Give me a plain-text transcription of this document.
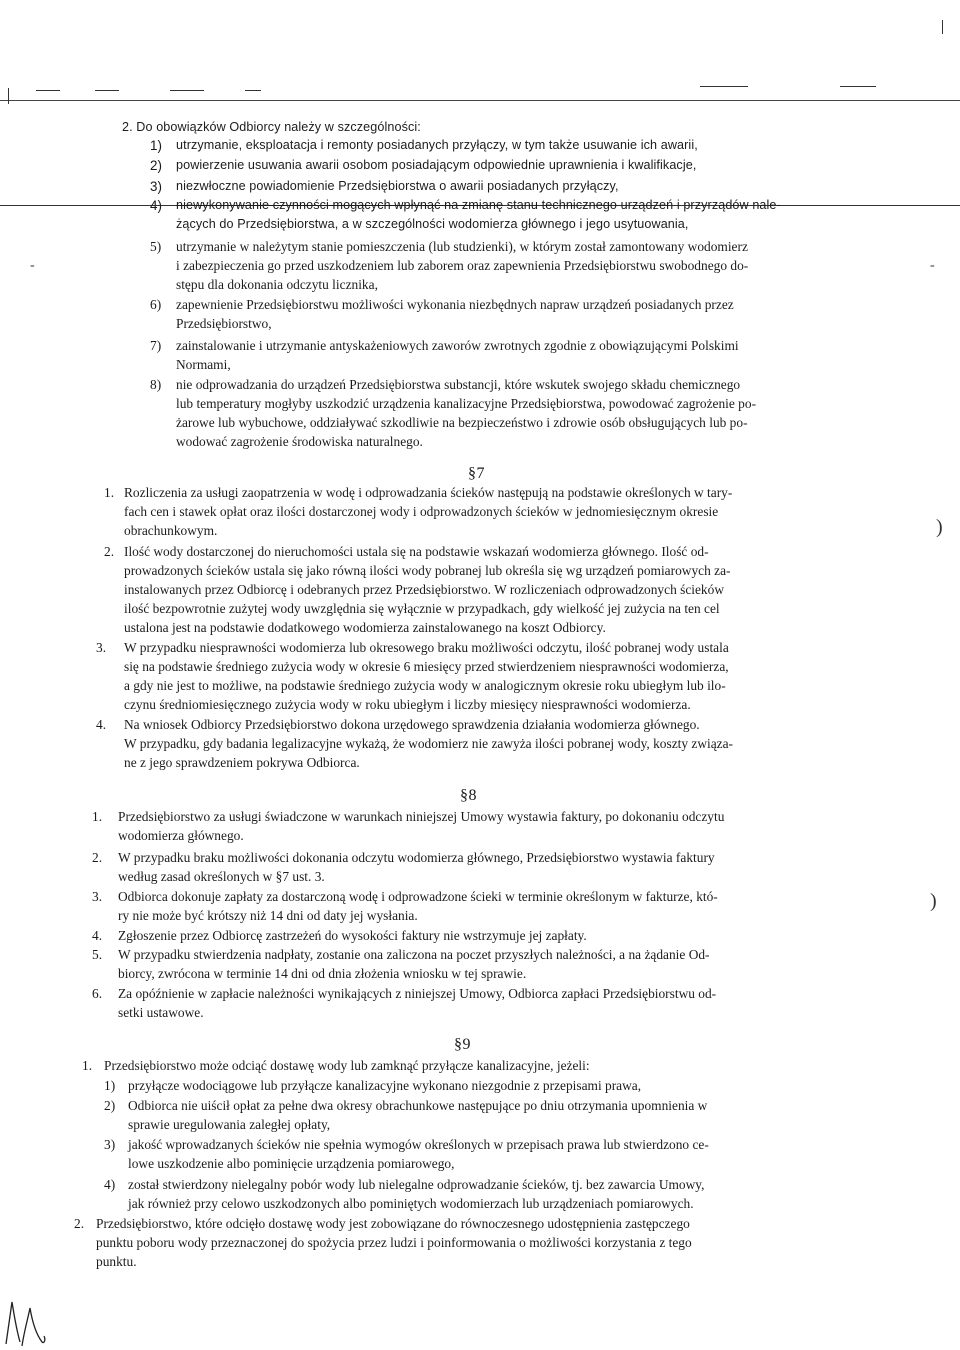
2. Do obowiązków Odbiorcy należy w szczególności:
1) utrzymanie, eksploatacja i remonty posiadanych przyłączy, w tym także usuwanie ich awarii,
2) powierzenie usuwania awarii osobom posiadającym odpowiednie uprawnienia i kwalifikacje,
3) niezwłoczne powiadomienie Przedsiębiorstwa o awarii posiadanych przyłączy,
4) niewykonywanie czynności mogących wpłynąć na zmianę stanu technicznego urządzeń i przyrządów nale-
żących do Przedsiębiorstwa, a w szczególności wodomierza głównego i jego usytuowania,
5) utrzymanie w należytym stanie pomieszczenia (lub studzienki), w którym został zamontowany wodomierz
i zabezpieczenia go przed uszkodzeniem lub zaborem oraz zapewnienia Przedsiębiorstwu swobodnego do-
stępu dla dokonania odczytu licznika,
6) zapewnienie Przedsiębiorstwu możliwości wykonania niezbędnych napraw urządzeń posiadanych przez
Przedsiębiorstwo,
7) zainstalowanie i utrzymanie antyskażeniowych zaworów zwrotnych zgodnie z obowiązującymi Polskimi
Normami,
8) nie odprowadzania do urządzeń Przedsiębiorstwa substancji, które wskutek swojego składu chemicznego
lub temperatury mogłyby uszkodzić urządzenia kanalizacyjne Przedsiębiorstwa, powodować zagrożenie po-
żarowe lub wybuchowe, oddziaływać szkodliwie na bezpieczeństwo i zdrowie osób obsługujących lub po-
wodować zagrożenie środowiska naturalnego.
§7
1. Rozliczenia za usługi zaopatrzenia w wodę i odprowadzania ścieków następują na podstawie określonych w tary-
fach cen i stawek opłat oraz ilości dostarczonej wody i odprowadzonych ścieków w jednomiesięcznym okresie
obrachunkowym.
2. Ilość wody dostarczonej do nieruchomości ustala się na podstawie wskazań wodomierza głównego. Ilość od-
prowadzonych ścieków ustala się jako równą ilości wody pobranej lub określa się wg urządzeń pomiarowych za-
instalowanych przez Odbiorcę i odebranych przez Przedsiębiorstwo. W rozliczeniach odprowadzonych ścieków
ilość bezpowrotnie zużytej wody uwzględnia się wyłącznie w przypadkach, gdy wielkość jej zużycia na ten cel
ustalona jest na podstawie dodatkowego wodomierza zainstalowanego na koszt Odbiorcy.
3. W przypadku niesprawności wodomierza lub okresowego braku możliwości odczytu, ilość pobranej wody ustala
się na podstawie średniego zużycia wody w okresie 6 miesięcy przed stwierdzeniem niesprawności wodomierza,
a gdy nie jest to możliwe, na podstawie średniego zużycia wody w analogicznym okresie roku ubiegłym lub ilo-
czynu średniomiesięcznego zużycia wody w roku ubiegłym i liczby miesięcy niesprawności wodomierza.
4. Na wniosek Odbiorcy Przedsiębiorstwo dokona urzędowego sprawdzenia działania wodomierza głównego.
W przypadku, gdy badania legalizacyjne wykażą, że wodomierz nie zawyża ilości pobranej wody, koszty związa-
ne z jego sprawdzeniem pokrywa Odbiorca.
§8
1. Przedsiębiorstwo za usługi świadczone w warunkach niniejszej Umowy wystawia faktury, po dokonaniu odczytu
wodomierza głównego.
2. W przypadku braku możliwości dokonania odczytu wodomierza głównego, Przedsiębiorstwo wystawia faktury
według zasad określonych w §7 ust. 3.
3. Odbiorca dokonuje zapłaty za dostarczoną wodę i odprowadzone ścieki w terminie określonym w fakturze, któ-
ry nie może być krótszy niż 14 dni od daty jej wysłania.
4. Zgłoszenie przez Odbiorcę zastrzeżeń do wysokości faktury nie wstrzymuje jej zapłaty.
5. W przypadku stwierdzenia nadpłaty, zostanie ona zaliczona na poczet przyszłych należności, a na żądanie Od-
biorcy, zwrócona w terminie 14 dni od dnia złożenia wniosku w tej sprawie.
6. Za opóźnienie w zapłacie należności wynikających z niniejszej Umowy, Odbiorca zapłaci Przedsiębiorstwu od-
setki ustawowe.
§9
1. Przedsiębiorstwo może odciąć dostawę wody lub zamknąć przyłącze kanalizacyjne, jeżeli:
1) przyłącze wodociągowe lub przyłącze kanalizacyjne wykonano niezgodnie z przepisami prawa,
2) Odbiorca nie uiścił opłat za pełne dwa okresy obrachunkowe następujące po dniu otrzymania upomnienia w
sprawie uregulowania zaległej opłaty,
3) jakość wprowadzanych ścieków nie spełnia wymogów określonych w przepisach prawa lub stwierdzono ce-
lowe uszkodzenie albo pominięcie urządzenia pomiarowego,
4) został stwierdzony nielegalny pobór wody lub nielegalne odprowadzanie ścieków, tj. bez zawarcia Umowy,
jak również przy celowo uszkodzonych albo pominiętych wodomierzach lub urządzeniach pomiarowych.
2. Przedsiębiorstwo, które odcięło dostawę wody jest zobowiązane do równoczesnego udostępnienia zastępczego
punktu poboru wody przeznaczonej do spożycia przez ludzi i poinformowania o możliwości korzystania z tego
punktu.
)
)
-
-
